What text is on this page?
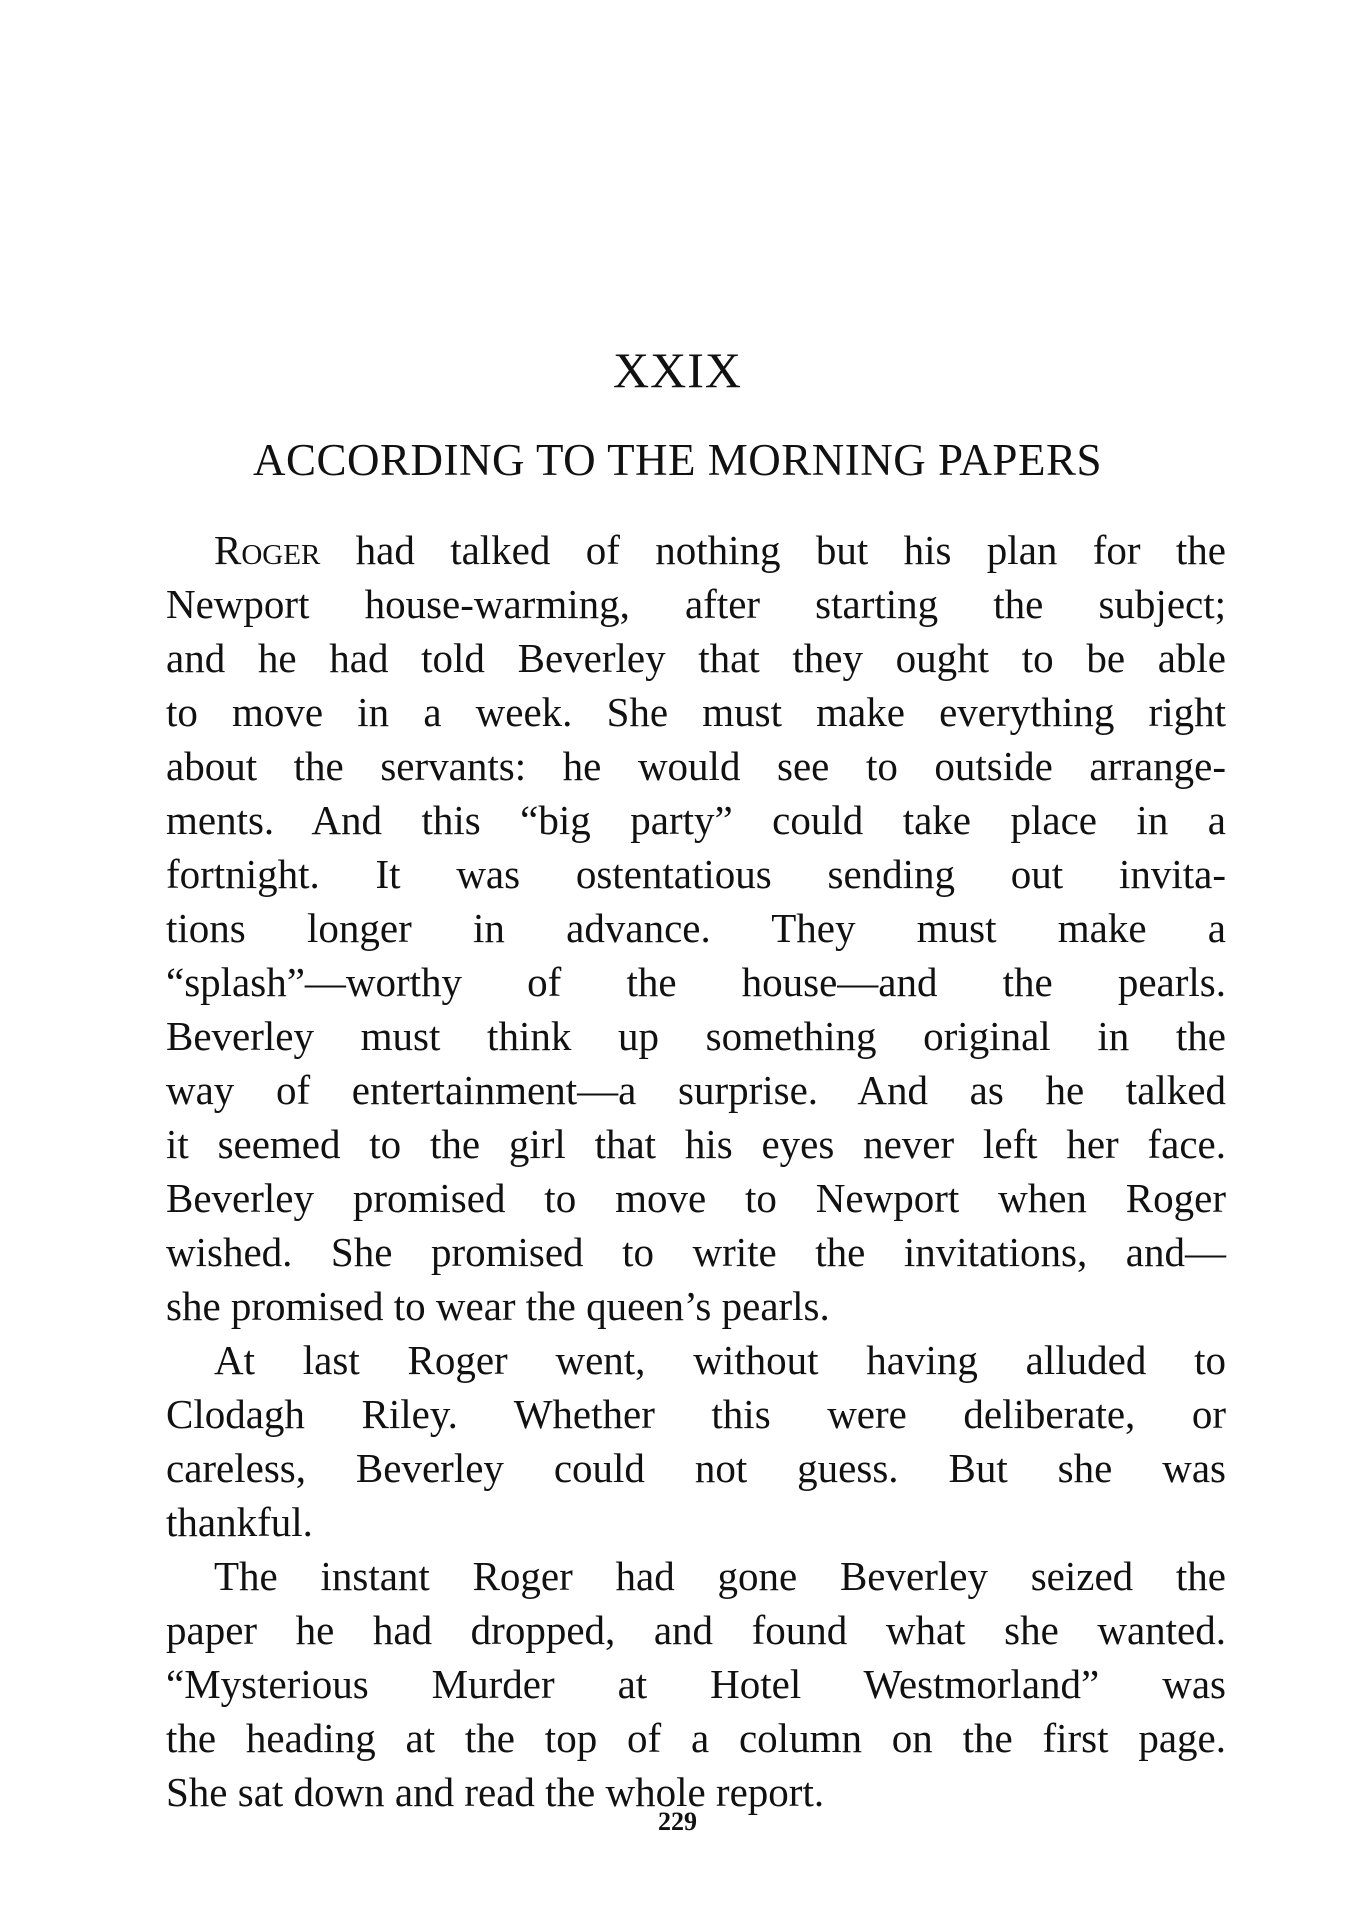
XXIX
ACCORDING TO THE MORNING PAPERS
Roger had talked of nothing but his plan for the
Newport house-warming, after starting the subject;
and he had told Beverley that they ought to be able
to move in a week. She must make everything right
about the servants: he would see to outside arrange-
ments. And this “big party” could take place in a
fortnight. It was ostentatious sending out invita-
tions longer in advance. They must make a
“splash”—worthy of the house—and the pearls.
Beverley must think up something original in the
way of entertainment—a surprise. And as he talked
it seemed to the girl that his eyes never left her face.
Beverley promised to move to Newport when Roger
wished. She promised to write the invitations, and—
she promised to wear the queen’s pearls.
At last Roger went, without having alluded to
Clodagh Riley. Whether this were deliberate, or
careless, Beverley could not guess. But she was
thankful.
The instant Roger had gone Beverley seized the
paper he had dropped, and found what she wanted.
“Mysterious Murder at Hotel Westmorland” was
the heading at the top of a column on the first page.
She sat down and read the whole report.
229
